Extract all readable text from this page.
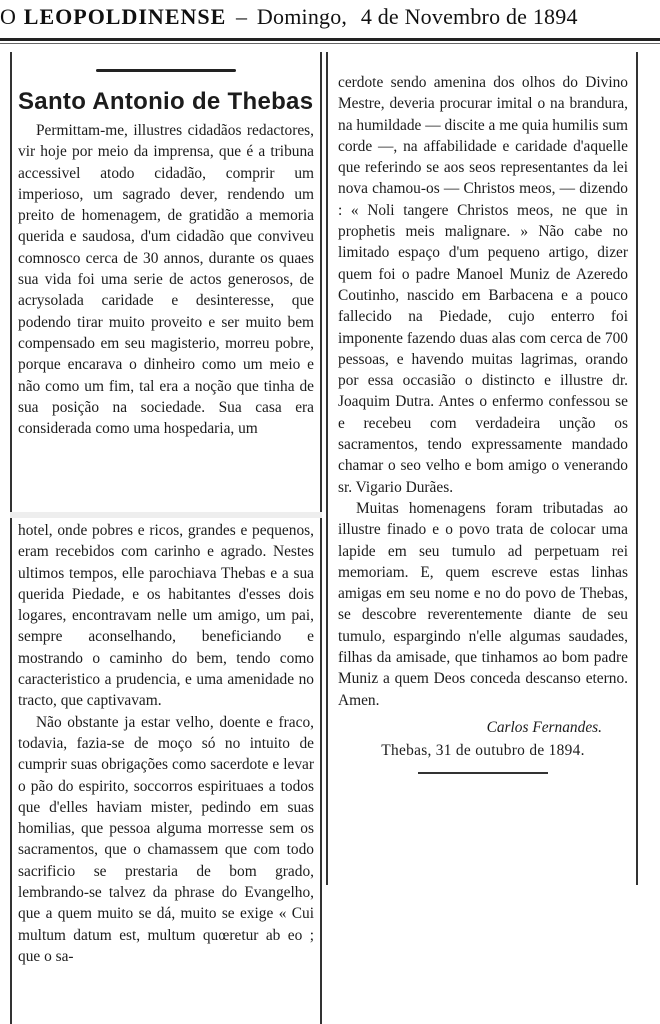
O LEOPOLDINENSE – Domingo, 4 de Novembro de 1894
Santo Antonio de Thebas

Permittam-me, illustres cidadãos redactores, vir hoje por meio da imprensa, que é a tribuna accessivel atodo cidadão, comprir um imperioso, um sagrado dever, rendendo um preito de homenagem, de gratidão a memoria querida e saudosa, d'um cidadão que conviveu comnosco cerca de 30 annos, durante os quaes sua vida foi uma serie de actos generosos, de acrysolada caridade e desinteresse, que podendo tirar muito proveito e ser muito bem compensado em seu magisterio, morreu pobre, porque encarava o dinheiro como um meio e não como um fim, tal era a noção que tinha de sua posição na sociedade. Sua casa era considerada como uma hospedaria, um

hotel, onde pobres e ricos, grandes e pequenos, eram recebidos com carinho e agrado. Nestes ultimos tempos, elle parochiava Thebas e a sua querida Piedade, e os habitantes d'esses dois logares, encontravam nelle um amigo, um pai, sempre aconselhando, beneficiando e mostrando o caminho do bem, tendo como caracteristico a prudencia, e uma amenidade no tracto, que captivavam.

Não obstante ja estar velho, doente e fraco, todavia, fazia-se de moço só no intuito de cumprir suas obrigações como sacerdote e levar o pão do espirito, soccorros espirituaes a todos que d'elles haviam mister, pedindo em suas homilias, que pessoa alguma morresse sem os sacramentos, que o chamassem que com todo sacrificio se prestaria de bom grado, lembrando-se talvez da phrase do Evangelho, que a quem muito se dá, muito se exige « Cui multum datum est, multum quœretur ab eo ; que o sa-

cerdote sendo amenina dos olhos do Divino Mestre, deveria procurar imital o na brandura, na humildade — discite a me quia humilis sum corde —, na affabilidade e caridade d'aquelle que referindo se aos seos representantes da lei nova chamou-os — Christos meos, — dizendo : « Noli tangere Christos meos, ne que in prophetis meis malignare. » Não cabe no limitado espaço d'um pequeno artigo, dizer quem foi o padre Manoel Muniz de Azeredo Coutinho, nascido em Barbacena e a pouco fallecido na Piedade, cujo enterro foi imponente fazendo duas alas com cerca de 700 pessoas, e havendo muitas lagrimas, orando por essa occasião o distincto e illustre dr. Joaquim Dutra. Antes o enfermo confessou se e recebeu com verdadeira unção os sacramentos, tendo expressamente mandado chamar o seo velho e bom amigo o venerando sr. Vigario Durães.

Muitas homenagens foram tributadas ao illustre finado e o povo trata de colocar uma lapide em seu tumulo ad perpetuam rei memoriam. E, quem escreve estas linhas amigas em seu nome e no do povo de Thebas, se descobre reverentemente diante de seu tumulo, espargindo n'elle algumas saudades, filhas da amisade, que tinhamos ao bom padre Muniz a quem Deos conceda descanso eterno. Amen.

Carlos Fernandes.
Thebas, 31 de outubro de 1894.
